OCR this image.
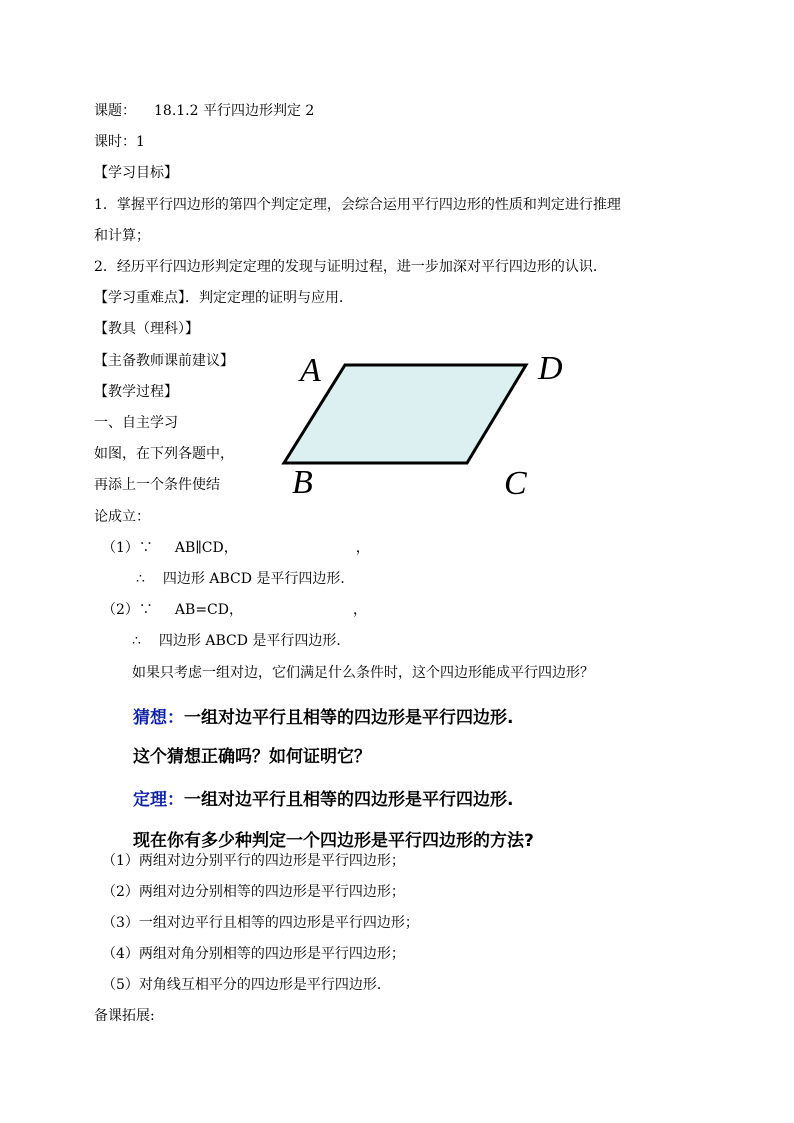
课题： 18.1.2 平行四边形判定 2
课时：1
【学习目标】
1．掌握平行四边形的第四个判定定理，会综合运用平行四边形的性质和判定进行推理
和计算；
2．经历平行四边形判定定理的发现与证明过程，进一步加深对平行四边形的认识．
【学习重难点】．判定定理的证明与应用．
【教具（理科）】
【主备教师课前建议】
【教学过程】
一、自主学习
如图，在下列各题中，
再添上一个条件使结
论成立：
A	D
B	C
（1）∵ AB∥CD，	，
∴ 四边形 ABCD 是平行四边形．
（2）∵ AB=CD，	，
∴ 四边形 ABCD 是平行四边形．
如果只考虑一组对边，它们满足什么条件时，这个四边形能成平行四边形？
猜想：一组对边平行且相等的四边形是平行四边形.
这个猜想正确吗？如何证明它？
定理：一组对边平行且相等的四边形是平行四边形.
现在你有多少种判定一个四边形是平行四边形的方法?
（1）两组对边分别平行的四边形是平行四边形；
（2）两组对边分别相等的四边形是平行四边形；
（3）一组对边平行且相等的四边形是平行四边形；
（4）两组对角分别相等的四边形是平行四边形；
（5）对角线互相平分的四边形是平行四边形．
备课拓展:
